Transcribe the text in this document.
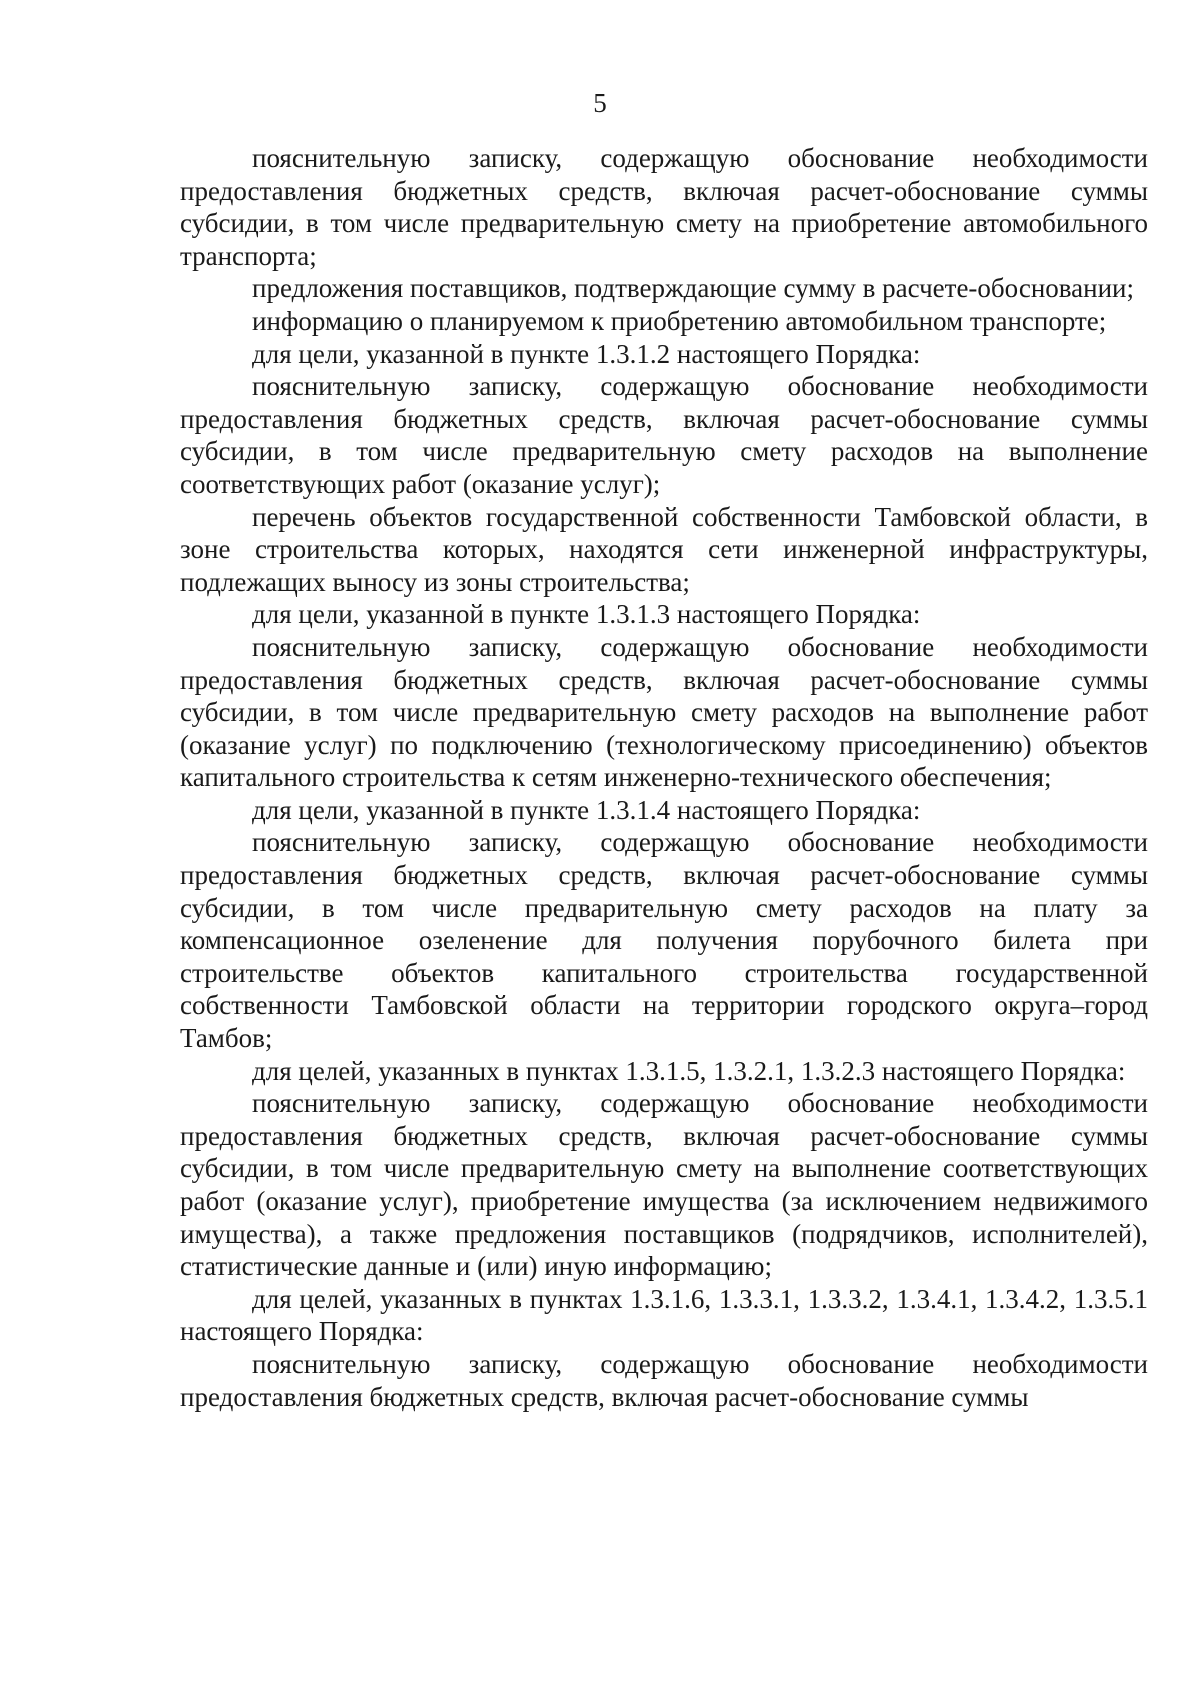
5

пояснительную записку, содержащую обоснование необходимости предоставления бюджетных средств, включая расчет-обоснование суммы субсидии, в том числе предварительную смету на приобретение автомобильного транспорта;

предложения поставщиков, подтверждающие сумму в расчете-обосновании;

информацию о планируемом к приобретению автомобильном транспорте;

для цели, указанной в пункте 1.3.1.2 настоящего Порядка:

пояснительную записку, содержащую обоснование необходимости предоставления бюджетных средств, включая расчет-обоснование суммы субсидии, в том числе предварительную смету расходов на выполнение соответствующих работ (оказание услуг);

перечень объектов государственной собственности Тамбовской области, в зоне строительства которых, находятся сети инженерной инфраструктуры, подлежащих выносу из зоны строительства;

для цели, указанной в пункте 1.3.1.3 настоящего Порядка:

пояснительную записку, содержащую обоснование необходимости предоставления бюджетных средств, включая расчет-обоснование суммы субсидии, в том числе предварительную смету расходов на выполнение работ (оказание услуг) по подключению (технологическому присоединению) объектов капитального строительства к сетям инженерно-технического обеспечения;

для цели, указанной в пункте 1.3.1.4 настоящего Порядка:

пояснительную записку, содержащую обоснование необходимости предоставления бюджетных средств, включая расчет-обоснование суммы субсидии, в том числе предварительную смету расходов на плату за компенсационное озеленение для получения порубочного билета при строительстве объектов капитального строительства государственной собственности Тамбовской области на территории городского округа–город Тамбов;

для целей, указанных в пунктах 1.3.1.5, 1.3.2.1, 1.3.2.3 настоящего Порядка:

пояснительную записку, содержащую обоснование необходимости предоставления бюджетных средств, включая расчет-обоснование суммы субсидии, в том числе предварительную смету на выполнение соответствующих работ (оказание услуг), приобретение имущества (за исключением недвижимого имущества), а также предложения поставщиков (подрядчиков, исполнителей), статистические данные и (или) иную информацию;

для целей, указанных в пунктах 1.3.1.6, 1.3.3.1, 1.3.3.2, 1.3.4.1, 1.3.4.2, 1.3.5.1 настоящего Порядка:

пояснительную записку, содержащую обоснование необходимости предоставления бюджетных средств, включая расчет-обоснование суммы
